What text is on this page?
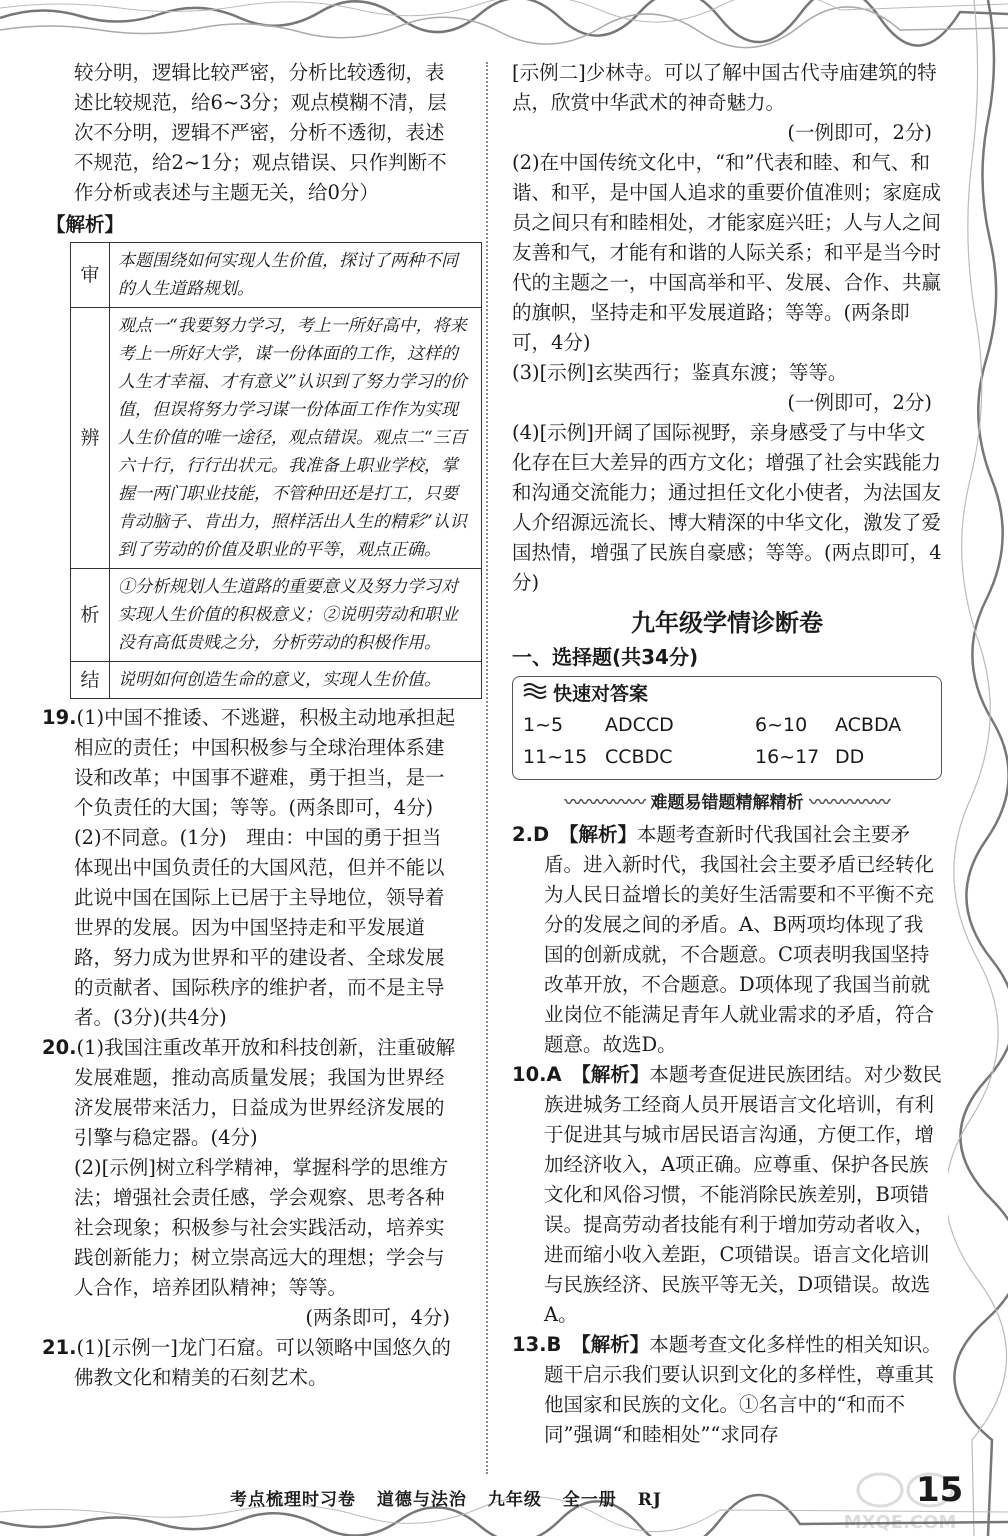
较分明，逻辑比较严密，分析比较透彻，表述比较规范，给6~3分；观点模糊不清，层次不分明，逻辑不严密，分析不透彻，表述不规范，给2~1分；观点错误、只作判断不作分析或表述与主题无关，给0分）

【解析】

审	本题围绕如何实现人生价值，探讨了两种不同的人生道路规划。
辨	观点一“我要努力学习，考上一所好高中，将来考上一所好大学，谋一份体面的工作，这样的人生才幸福、才有意义”认识到了努力学习的价值，但误将努力学习谋一份体面工作作为实现人生价值的唯一途径，观点错误。观点二“三百六十行，行行出状元。我准备上职业学校，掌握一两门职业技能，不管种田还是打工，只要肯动脑子、肯出力，照样活出人生的精彩”认识到了劳动的价值及职业的平等，观点正确。
析	①分析规划人生道路的重要意义及努力学习对实现人生价值的积极意义；②说明劳动和职业没有高低贵贱之分，分析劳动的积极作用。
结	说明如何创造生命的意义，实现人生价值。

19.(1)中国不推诿、不逃避，积极主动地承担起相应的责任；中国积极参与全球治理体系建设和改革；中国事不避难，勇于担当，是一个负责任的大国；等等。(两条即可，4分)

(2)不同意。(1分)　理由：中国的勇于担当体现出中国负责任的大国风范，但并不能以此说中国在国际上已居于主导地位，领导着世界的发展。因为中国坚持走和平发展道路，努力成为世界和平的建设者、全球发展的贡献者、国际秩序的维护者，而不是主导者。(3分)(共4分)

20.(1)我国注重改革开放和科技创新，注重破解发展难题，推动高质量发展；我国为世界经济发展带来活力，日益成为世界经济发展的引擎与稳定器。(4分)

(2)[示例]树立科学精神，掌握科学的思维方法；增强社会责任感，学会观察、思考各种社会现象；积极参与社会实践活动，培养实践创新能力；树立崇高远大的理想；学会与人合作，培养团队精神；等等。

(两条即可，4分)

21.(1)[示例一]龙门石窟。可以领略中国悠久的佛教文化和精美的石刻艺术。

[示例二]少林寺。可以了解中国古代寺庙建筑的特点，欣赏中华武术的神奇魅力。

(一例即可，2分)

(2)在中国传统文化中，“和”代表和睦、和气、和谐、和平，是中国人追求的重要价值准则；家庭成员之间只有和睦相处，才能家庭兴旺；人与人之间友善和气，才能有和谐的人际关系；和平是当今时代的主题之一，中国高举和平、发展、合作、共赢的旗帜，坚持走和平发展道路；等等。(两条即可，4分)

(3)[示例]玄奘西行；鉴真东渡；等等。

(一例即可，2分)

(4)[示例]开阔了国际视野，亲身感受了与中华文化存在巨大差异的西方文化；增强了社会实践能力和沟通交流能力；通过担任文化小使者，为法国友人介绍源远流长、博大精深的中华文化，激发了爱国热情，增强了民族自豪感；等等。(两点即可，4分)

九年级学情诊断卷
一、选择题(共34分)
快速对答案
1~5	ADCCD	6~10	ACBDA
11~15 CCBDC	16~17 DD
〰〰〰〰〰 难题易错题精解精析 〰〰〰〰〰

2.D　 【解析】本题考查新时代我国社会主要矛盾。进入新时代，我国社会主要矛盾已经转化为人民日益增长的美好生活需要和不平衡不充分的发展之间的矛盾。A、B两项均体现了我国的创新成就，不合题意。C项表明我国坚持改革开放，不合题意。D项体现了我国当前就业岗位不能满足青年人就业需求的矛盾，符合题意。故选D。

10.A　 【解析】本题考查促进民族团结。对少数民族进城务工经商人员开展语言文化培训，有利于促进其与城市居民语言沟通，方便工作，增加经济收入，A项正确。应尊重、保护各民族文化和风俗习惯，不能消除民族差别，B项错误。提高劳动者技能有利于增加劳动者收入，进而缩小收入差距，C项错误。语言文化培训与民族经济、民族平等无关，D项错误。故选A。

13.B　 【解析】本题考查文化多样性的相关知识。题干启示我们要认识到文化的多样性，尊重其他国家和民族的文化。①名言中的“和而不同”强调“和睦相处”“求同存

考点梳理时习卷 道德与法治 九年级 全一册 RJ
MXQE.COM
15
